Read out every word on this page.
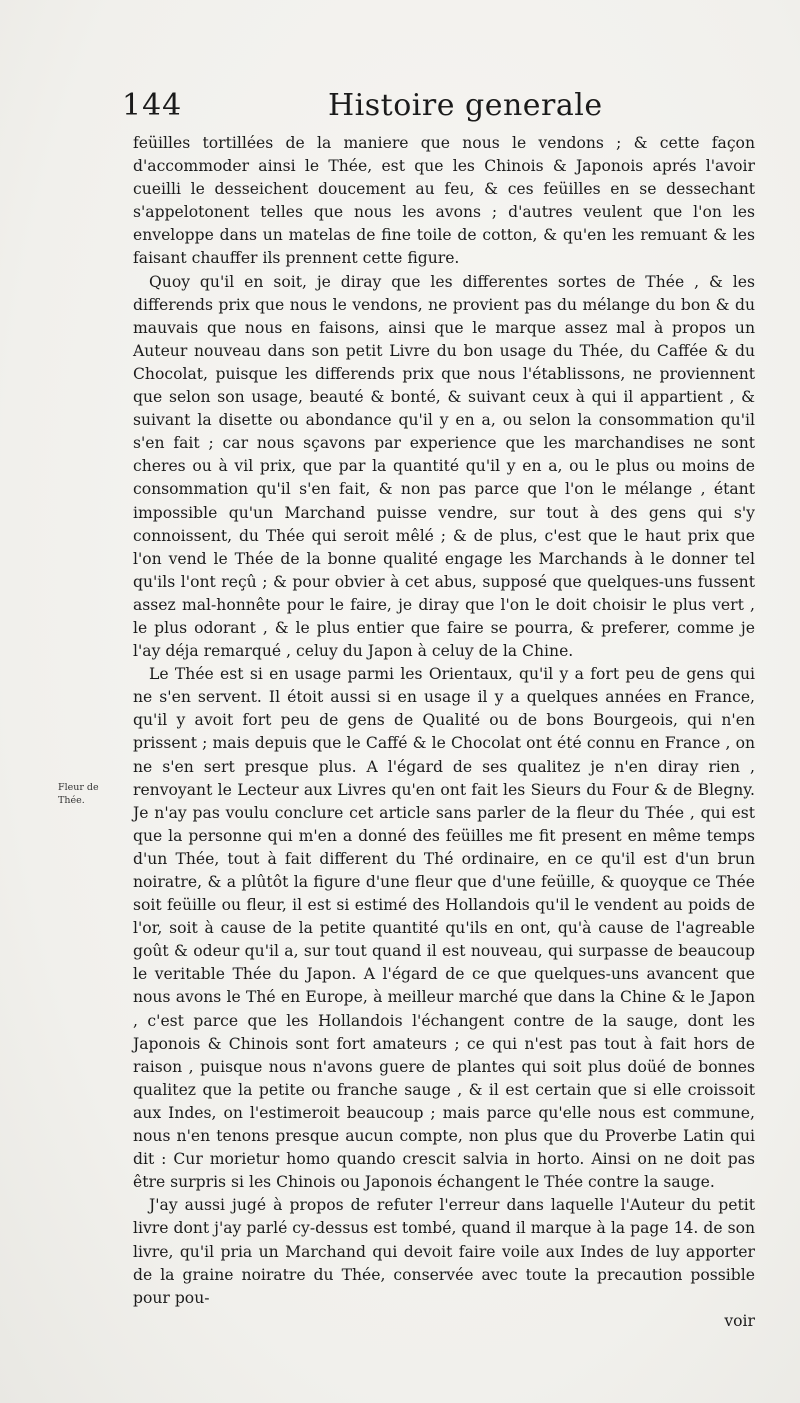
144	Histoire generale
Fleur de
Thée.

feüilles tortillées de la maniere que nous le vendons ; & cette façon d'accommoder ainsi le Thée, est que les Chinois & Japonois aprés l'avoir cueilli le desseichent doucement au feu, & ces feüilles en se dessechant s'appelotonent telles que nous les avons ; d'autres veulent que l'on les enveloppe dans un matelas de fine toile de cotton, & qu'en les remuant & les faisant chauffer ils prennent cette figure.

Quoy qu'il en soit, je diray que les differentes sortes de Thée , & les differends prix que nous le vendons, ne provient pas du mélange du bon & du mauvais que nous en faisons, ainsi que le marque assez mal à propos un Auteur nouveau dans son petit Livre du bon usage du Thée, du Caffée & du Chocolat, puisque les differends prix que nous l'établissons, ne proviennent que selon son usage, beauté & bonté, & suivant ceux à qui il appartient , & suivant la disette ou abondance qu'il y en a, ou selon la consommation qu'il s'en fait ; car nous sçavons par experience que les marchandises ne sont cheres ou à vil prix, que par la quantité qu'il y en a, ou le plus ou moins de consommation qu'il s'en fait, & non pas parce que l'on le mélange , étant impossible qu'un Marchand puisse vendre, sur tout à des gens qui s'y connoissent, du Thée qui seroit mêlé ; & de plus, c'est que le haut prix que l'on vend le Thée de la bonne qualité engage les Marchands à le donner tel qu'ils l'ont reçû ; & pour obvier à cet abus, supposé que quelques-uns fussent assez mal-honnête pour le faire, je diray que l'on le doit choisir le plus vert , le plus odorant , & le plus entier que faire se pourra, & preferer, comme je l'ay déja remarqué , celuy du Japon à celuy de la Chine.

Le Thée est si en usage parmi les Orientaux, qu'il y a fort peu de gens qui ne s'en servent. Il étoit aussi si en usage il y a quelques années en France, qu'il y avoit fort peu de gens de Qualité ou de bons Bourgeois, qui n'en prissent ; mais depuis que le Caffé & le Chocolat ont été connu en France , on ne s'en sert presque plus. A l'égard de ses qualitez je n'en diray rien , renvoyant le Lecteur aux Livres qu'en ont fait les Sieurs du Four & de Blegny. Je n'ay pas voulu conclure cet article sans parler de la fleur du Thée , qui est que la personne qui m'en a donné des feüilles me fit present en même temps d'un Thée, tout à fait different du Thé ordinaire, en ce qu'il est d'un brun noiratre, & a plûtôt la figure d'une fleur que d'une feüille, & quoyque ce Thée soit feüille ou fleur, il est si estimé des Hollandois qu'il le vendent au poids de l'or, soit à cause de la petite quantité qu'ils en ont, qu'à cause de l'agreable goût & odeur qu'il a, sur tout quand il est nouveau, qui surpasse de beaucoup le veritable Thée du Japon. A l'égard de ce que quelques-uns avancent que nous avons le Thé en Europe, à meilleur marché que dans la Chine & le Japon , c'est parce que les Hollandois l'échangent contre de la sauge, dont les Japonois & Chinois sont fort amateurs ; ce qui n'est pas tout à fait hors de raison , puisque nous n'avons guere de plantes qui soit plus doüé de bonnes qualitez que la petite ou franche sauge , & il est certain que si elle croissoit aux Indes, on l'estimeroit beaucoup ; mais parce qu'elle nous est commune, nous n'en tenons presque aucun compte, non plus que du Proverbe Latin qui dit : Cur morietur homo quando crescit salvia in horto. Ainsi on ne doit pas être surpris si les Chinois ou Japonois échangent le Thée contre la sauge.

J'ay aussi jugé à propos de refuter l'erreur dans laquelle l'Auteur du petit livre dont j'ay parlé cy-dessus est tombé, quand il marque à la page 14. de son livre, qu'il pria un Marchand qui devoit faire voile aux Indes de luy apporter de la graine noiratre du Thée, conservée avec toute la precaution possible pour pou-

voir
